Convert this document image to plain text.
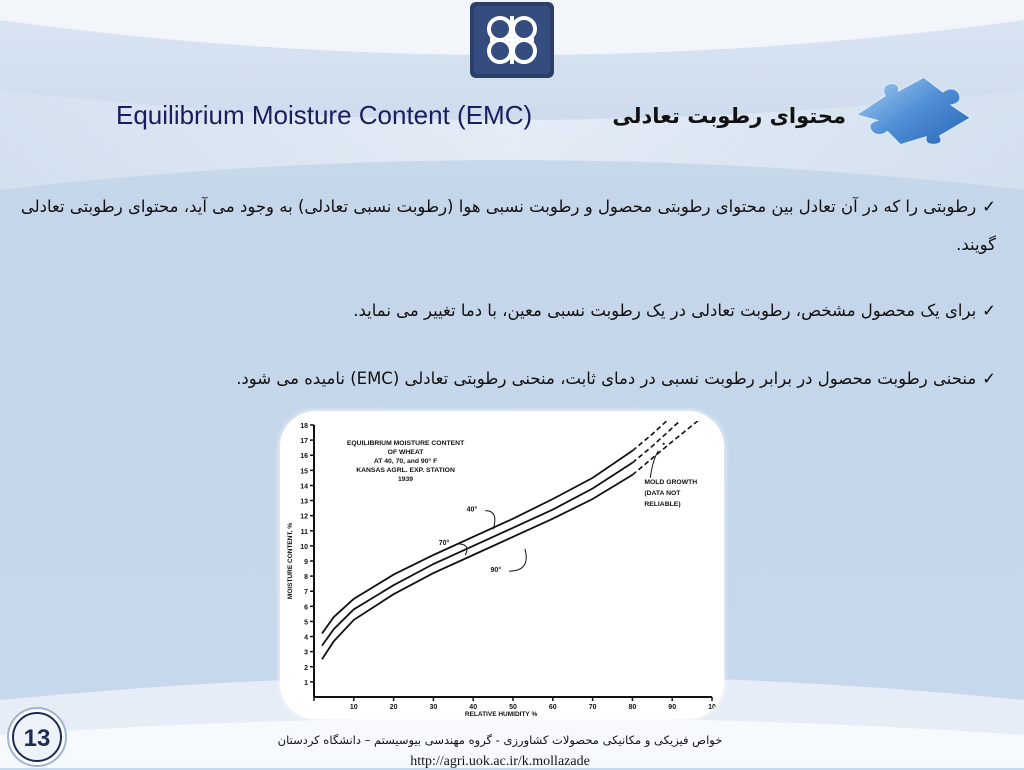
Equilibrium Moisture Content (EMC)	محتوای رطوبت تعادلی
✓رطوبتی را که در آن تعادل بین محتوای رطوبتی محصول و رطوبت نسبی هوا (رطوبت نسبی تعادلی) به وجود می آید، محتوای رطوبتی تعادلی گویند.
✓برای یک محصول مشخص، رطوبت تعادلی در یک رطوبت نسبی معین، با دما تغییر می نماید.
✓منحنی رطوبت محصول در برابر رطوبت نسبی در دمای ثابت، منحنی رطوبتی تعادلی (EMC) نامیده می شود.
1
2
3
4
5
6
7
8
9
10
11
12
13
14
15
16
17
18
10	20	30	40	50	60	70	80	90	10
RELATIVE HUMIDITY %
MOISTURE CONTENT, %
EQUILIBRIUM MOISTURE CONTENT
OF WHEAT
AT 40, 70, and 90° F
KANSAS AGRL. EXP. STATION
1939
40°
70°
90°
MOLD GROWTH
(DATA NOT
RELIABLE)
*
13	خواص فیزیکی و مکانیکی محصولات کشاورزی - گروه مهندسی بیوسیستم – دانشگاه کردستان
http://agri.uok.ac.ir/k.mollazade
